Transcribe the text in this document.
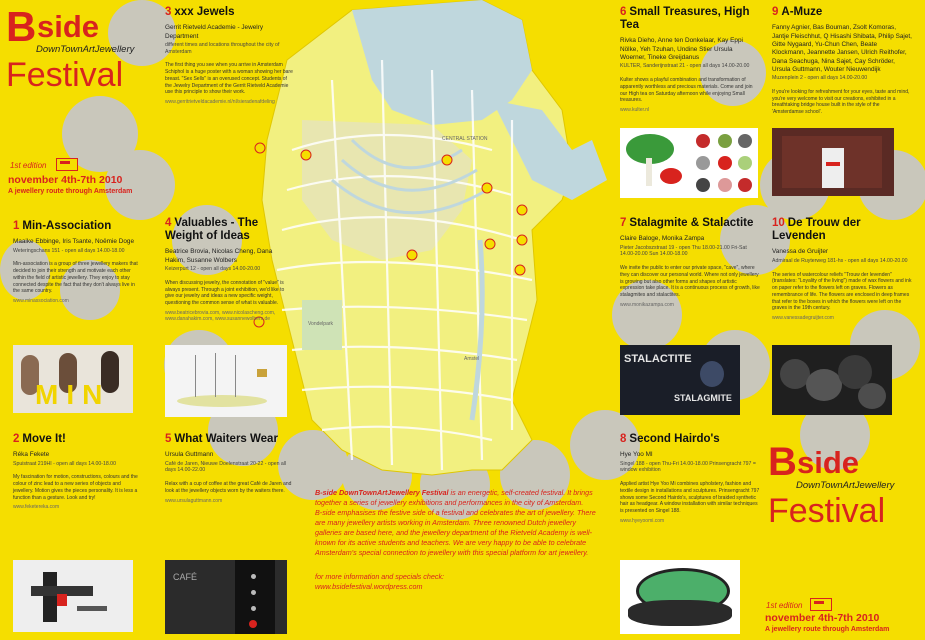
CENTRAL STATION
Vondelpark
Amstel
B side
DownTownArtJewellery
Festival
1st edition
november 4th-7th 2010
A jewellery route through Amsterdam
B side
DownTownArtJewellery
Festival
1st edition
november 4th-7th 2010
A jewellery route through Amsterdam
1 Min-Association
Maaike Ebbinge, Iris Tsante, Noëmie Doge
Weteringschans 151 - open all days 14.00-18.00
Min-association is a group of three jewellery makers that decided to join their strength and motivate each other within the field of artistic jewellery. They enjoy to stay connected despite the fact that they don't always live in the same country.
www.minassociation.com
MIN
2 Move It!
Réka Fekete
Spuistraat 219HI - open all days 14.00-18.00
My fascination for motion, constructions, colours and the colour of zinc lead to a new series of objects and jewellery. Motion gives the pieces personality. It is less a function than a gesture. Look and try!
www.feketereka.com
3 xxx Jewels
Gerrit Rietveld Academie - Jewelry Department
different times and locations throughout the city of Amsterdam
The first thing you see when you arrive in Amsterdam Schiphol is a huge poster with a woman showing her bare breast. "Sex Sells" is an overused concept. Students of the Jewelry Department of the Gerrit Rietveld Academie use this principle to show their work.
www.gerritrietveldacademie.nl/nl/sieradenafdeling
4 Valuables - The Weight of Ideas
Beatrice Brovia, Nicolas Cheng, Dana Hakim, Susanne Wolbers
Keizerpurt 12 - open all days 14.00-20.00
When discussing jewelry, the connotation of "value" is always present. Through a joint exhibition, we'd like to give our jewelry and ideas a new specific weight, questioning the common sense of what is valuable.
www.beatricebrovia.com, www.nicolascheng.com, www.danahakim.com, www.susannewolbers.de
5 What Waiters Wear
Ursula Guttmann
Café de Jaren, Nieuwe Doelenstraat 20-22 - open all days 14.00-22.00
Relax with a cup of coffee at the great Café de Jaren and look at the jewellery objects worn by the waiters there.
www.ursulaguttmann.com
CAFÉ
6 Small Treasures, High Tea
Rivka Dieho, Anne ten Donkelaar, Kay Eppi Nölke, Yeh Tzuhan, Undine Stier Ursula Woerner, Tineke Greijdanus
KULTER, Sanderijnstraat 21 - open all days 14.00-20.00
Kulter shows a playful combination and transformation of apparently worthless and precious materials. Come and join our High tea on Saturday afternoon while enjoying Small treasures.
www.kulter.nl
7 Stalagmite & Stalactite
Claire Baloge, Monika Zampa
Pieter Jacobszstraat 19 - open Thu 18.00-21.00 Fri-Sat 14.00-20.00 Sun 14.00-18.00
We invite the public to enter our private space, "cave", where they can discover our personal world. Where not only jewellery is growing but also other forms and shapes of artistic expression take place. It is a continuous process of growth, like stalagmites and stalactites.
www.monikazampa.com
STALACTITE
STALAGMITE
8 Second Hairdo's
Hye Yoo MI
Singel 188 - open Thu-Fri 14.00-18.00 Prinsengracht 797 = window exhibition
Applied artist Hye Yoo Mi combines upholstery, fashion and textile design in installations and sculptures. Prinsengracht 797 shows some Second Hairdo's, sculptures of braided synthetic hair as headgear. A window installation with similar techniques is presented on Singel 188.
www.hyeyoomi.com
9 A-Muze
Fanny Agnier, Bas Bouman, Zsolt Komoras, Jantje Fleischhut, Q Hisashi Shibata, Philip Sajet, Gitte Nygaard, Yu-Chun Chen, Beate Klockmann, Jeannette Jansen, Ulrich Reithofer, Dana Seachuga, Nina Sajet, Cay Schröder, Ursula Guttmann, Wouter Nieuwendijk
Muzenplein 2 - open all days 14.00-20.00
If you're looking for refreshment for your eyes, taste and mind, you're very welcome to visit our creations, exhibited in a breathtaking bridge house built in the style of the 'Amsterdamse school'.
10 De Trouw der Levenden
Vanessa de Gruijter
Admiraal de Ruyterweg 181-hs - open all days 14.00-20.00
The series of watercolour reliefs "Trouw der levenden" (translates: "Loyality of the living") made of wax flowers and ink on paper refer to the flowers left on graves. Flowers as remembrance of life. The flowers are enclosed in deep frames that refer to the boxes in which the flowers were left on the graves in the 19th century.
www.vanessadegruijter.com

B-side DownTownArtJewellery Festival is an energetic, self-created festival. It brings together a series of jewellery exhibitions and performances in the city of Amsterdam.

B-side emphasises the festive side of a festival and celebrates the art of jewellery. There are many jewellery artists working in Amsterdam. Three renowned Dutch jewellery galleries are based here, and the jewellery department of the Rietveld Academy is well-known for its active students and teachers. We are very happy to be able to celebrate Amsterdam's special connection to jewellery with this special platform for art jewellery.

for more information and specials check:

www.bsidefestival.wordpress.com
